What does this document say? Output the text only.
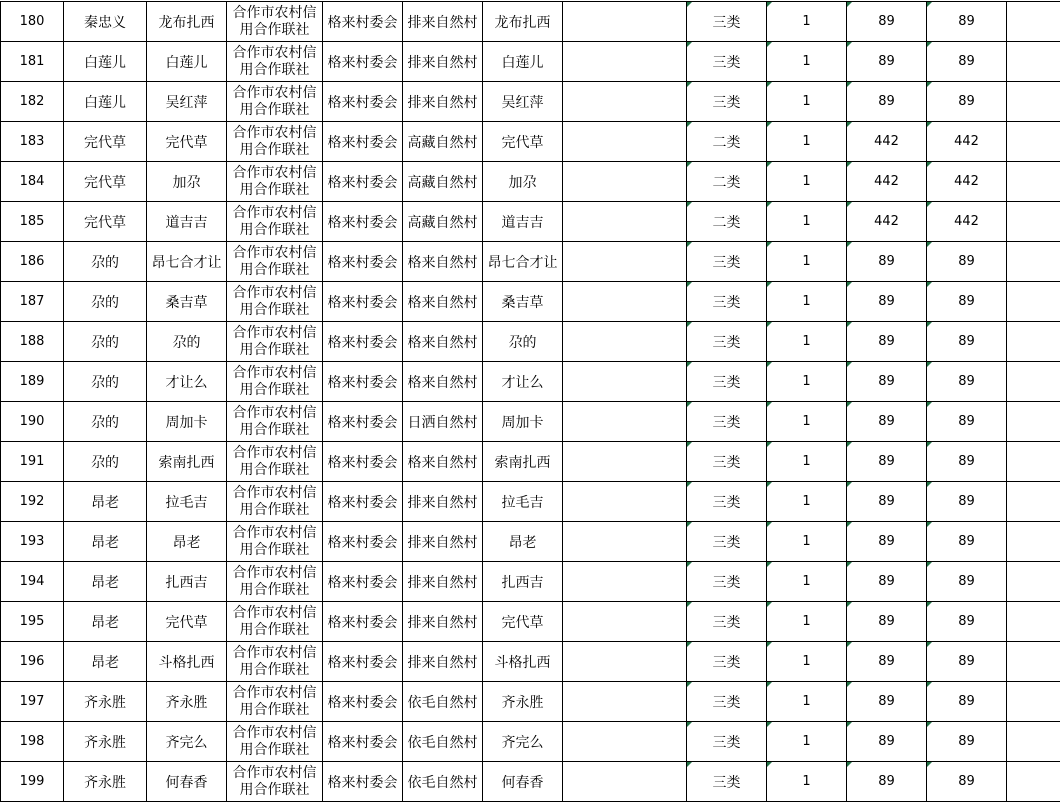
180	秦忠义	龙布扎西	合作市农村信用合作联社	格来村委会	排来自然村	龙布扎西		三类	1	89	89	
181	白莲儿	白莲儿	合作市农村信用合作联社	格来村委会	排来自然村	白莲儿		三类	1	89	89	
182	白莲儿	吴红萍	合作市农村信用合作联社	格来村委会	排来自然村	吴红萍		三类	1	89	89	
183	完代草	完代草	合作市农村信用合作联社	格来村委会	高藏自然村	完代草		二类	1	442	442	
184	完代草	加尕	合作市农村信用合作联社	格来村委会	高藏自然村	加尕		二类	1	442	442	
185	完代草	道吉吉	合作市农村信用合作联社	格来村委会	高藏自然村	道吉吉		二类	1	442	442	
186	尕的	昂七合才让	合作市农村信用合作联社	格来村委会	格来自然村	昂七合才让		三类	1	89	89	
187	尕的	桑吉草	合作市农村信用合作联社	格来村委会	格来自然村	桑吉草		三类	1	89	89	
188	尕的	尕的	合作市农村信用合作联社	格来村委会	格来自然村	尕的		三类	1	89	89	
189	尕的	才让么	合作市农村信用合作联社	格来村委会	格来自然村	才让么		三类	1	89	89	
190	尕的	周加卡	合作市农村信用合作联社	格来村委会	日洒自然村	周加卡		三类	1	89	89	
191	尕的	索南扎西	合作市农村信用合作联社	格来村委会	格来自然村	索南扎西		三类	1	89	89	
192	昂老	拉毛吉	合作市农村信用合作联社	格来村委会	排来自然村	拉毛吉		三类	1	89	89	
193	昂老	昂老	合作市农村信用合作联社	格来村委会	排来自然村	昂老		三类	1	89	89	
194	昂老	扎西吉	合作市农村信用合作联社	格来村委会	排来自然村	扎西吉		三类	1	89	89	
195	昂老	完代草	合作市农村信用合作联社	格来村委会	排来自然村	完代草		三类	1	89	89	
196	昂老	斗格扎西	合作市农村信用合作联社	格来村委会	排来自然村	斗格扎西		三类	1	89	89	
197	齐永胜	齐永胜	合作市农村信用合作联社	格来村委会	依毛自然村	齐永胜		三类	1	89	89	
198	齐永胜	齐完么	合作市农村信用合作联社	格来村委会	依毛自然村	齐完么		三类	1	89	89	
199	齐永胜	何春香	合作市农村信用合作联社	格来村委会	依毛自然村	何春香		三类	1	89	89	
